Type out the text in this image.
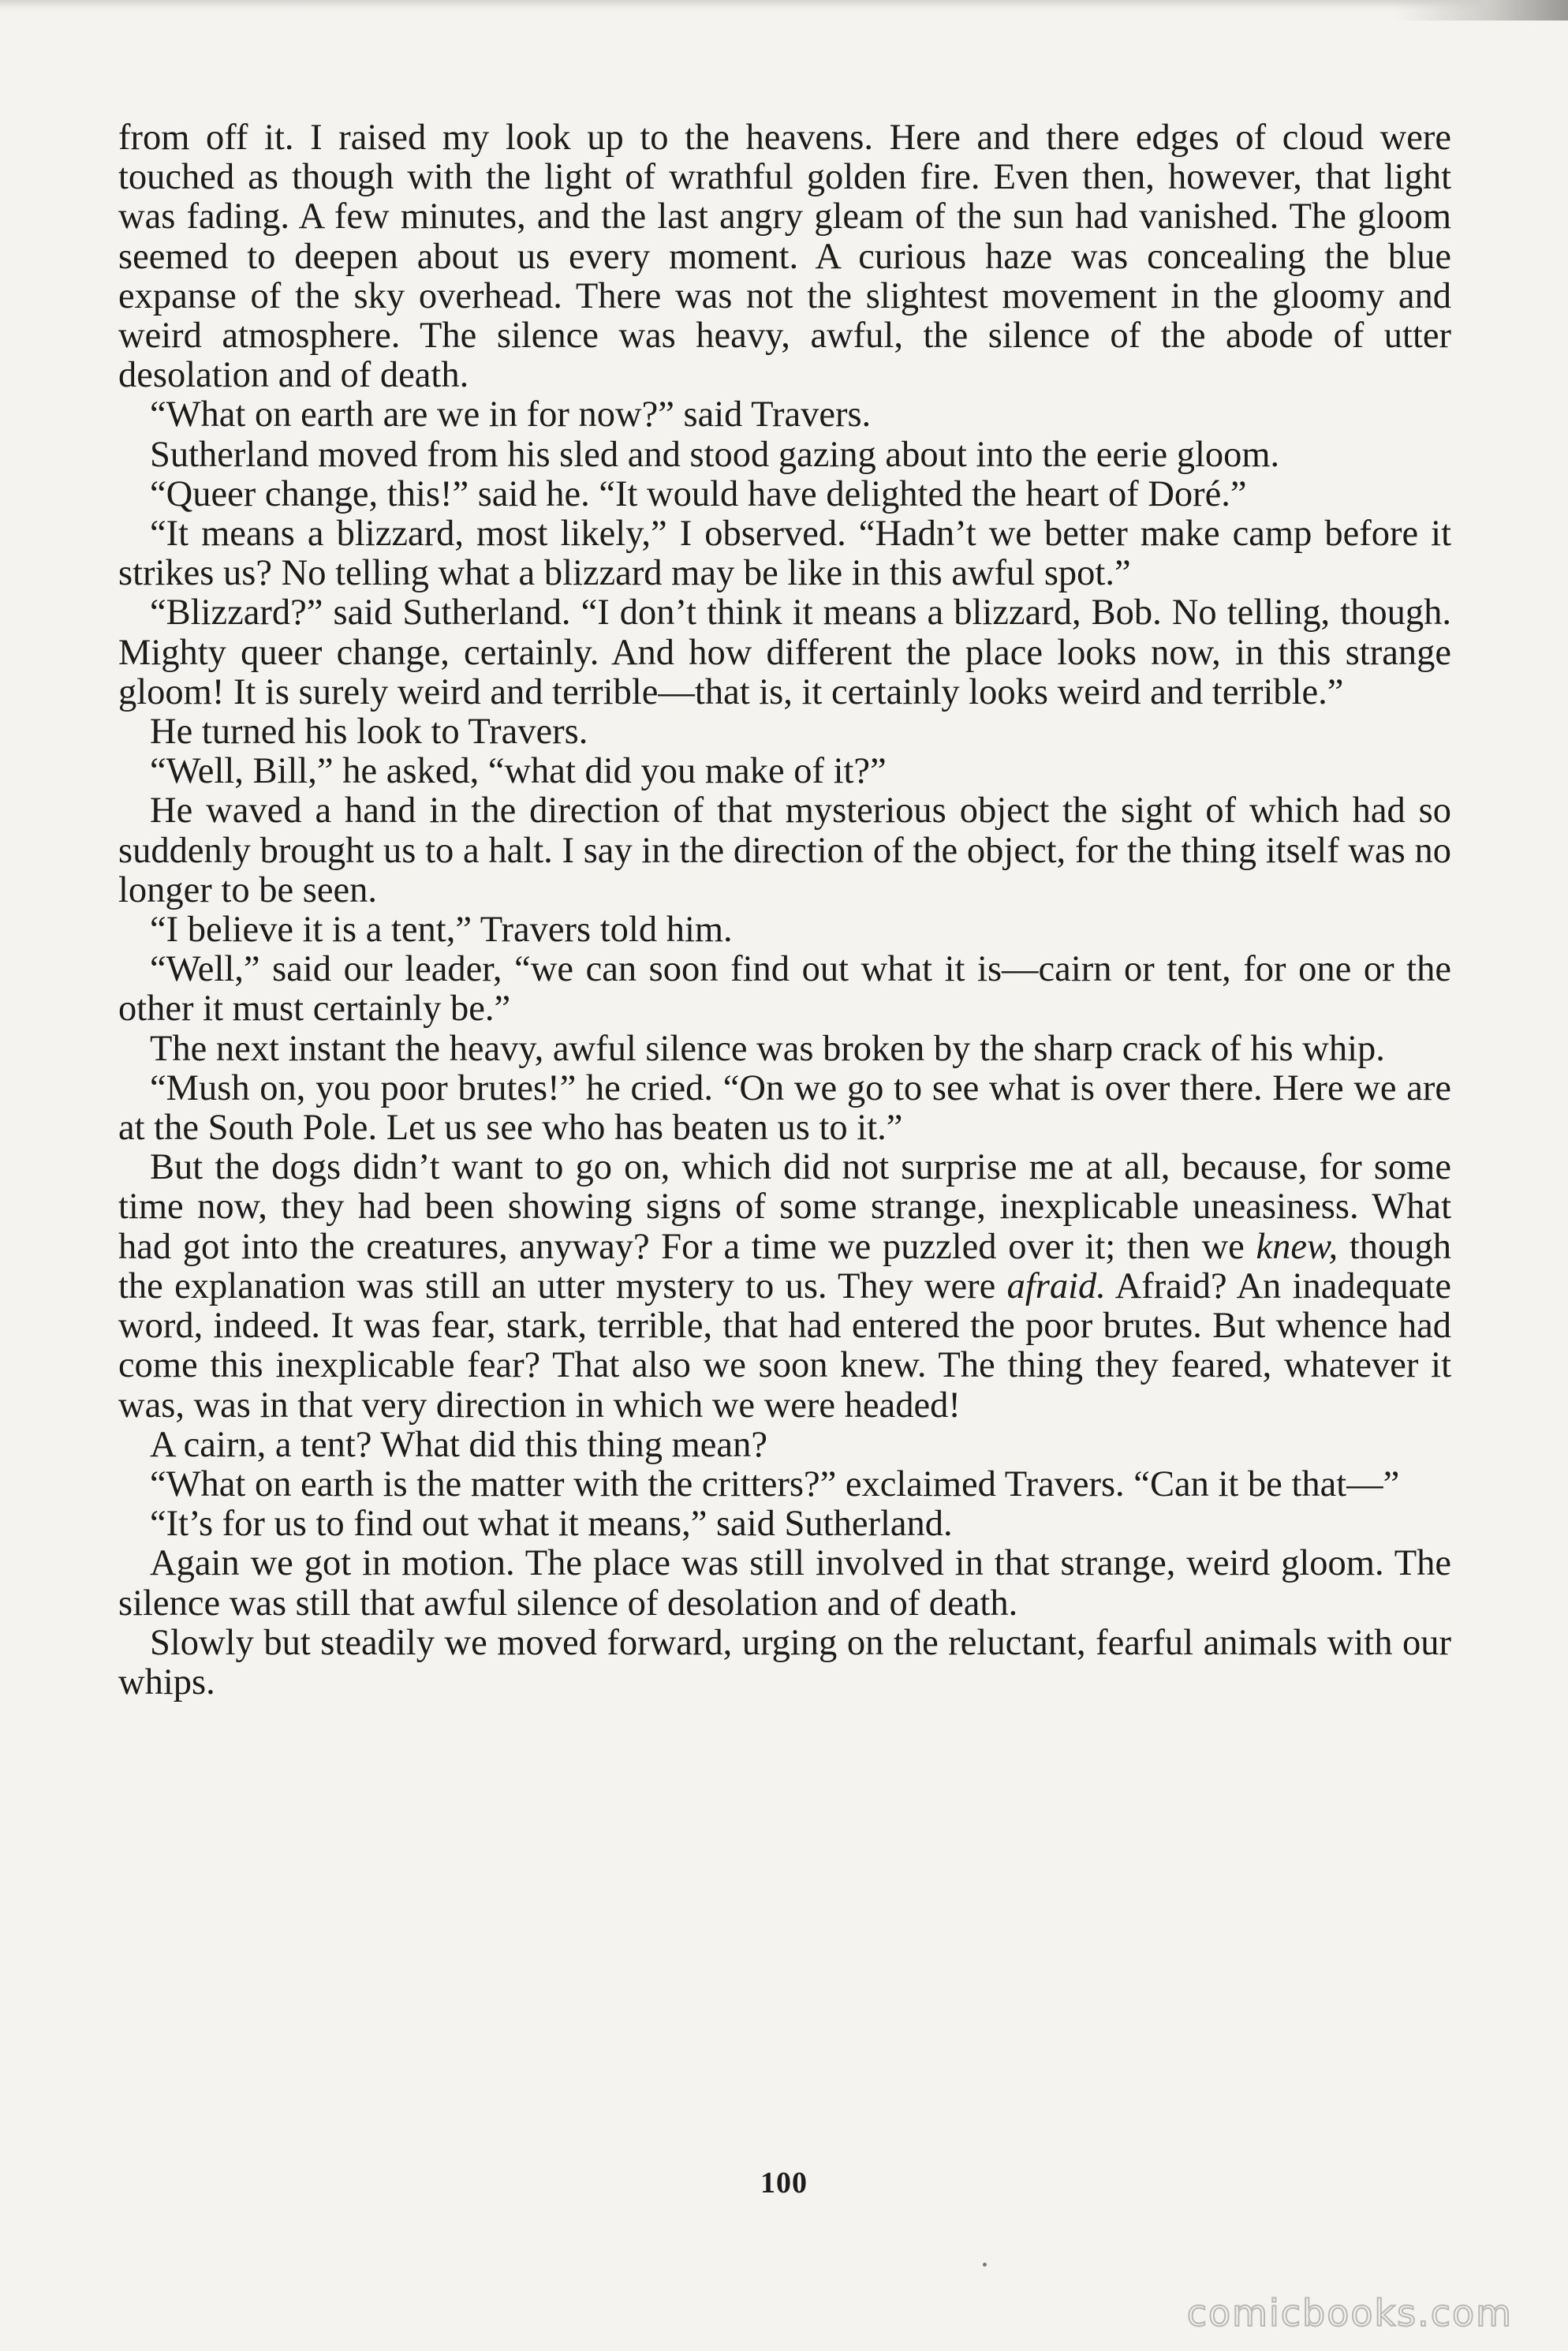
from off it. I raised my look up to the heavens. Here and there edges of cloud were touched as though with the light of wrathful golden fire. Even then, however, that light was fading. A few minutes, and the last angry gleam of the sun had vanished. The gloom seemed to deepen about us every moment. A curious haze was concealing the blue expanse of the sky overhead. There was not the slightest movement in the gloomy and weird atmosphere. The silence was heavy, awful, the silence of the abode of utter desolation and of death.

“What on earth are we in for now?” said Travers.

Sutherland moved from his sled and stood gazing about into the eerie gloom.

“Queer change, this!” said he. “It would have delighted the heart of Doré.”

“It means a blizzard, most likely,” I observed. “Hadn’t we better make camp before it strikes us? No telling what a blizzard may be like in this awful spot.”

“Blizzard?” said Sutherland. “I don’t think it means a blizzard, Bob. No telling, though. Mighty queer change, certainly. And how different the place looks now, in this strange gloom! It is surely weird and terrible—that is, it certainly looks weird and terrible.”

He turned his look to Travers.

“Well, Bill,” he asked, “what did you make of it?”

He waved a hand in the direction of that mysterious object the sight of which had so suddenly brought us to a halt. I say in the direction of the object, for the thing itself was no longer to be seen.

“I believe it is a tent,” Travers told him.

“Well,” said our leader, “we can soon find out what it is—cairn or tent, for one or the other it must certainly be.”

The next instant the heavy, awful silence was broken by the sharp crack of his whip.

“Mush on, you poor brutes!” he cried. “On we go to see what is over there. Here we are at the South Pole. Let us see who has beaten us to it.”

But the dogs didn’t want to go on, which did not surprise me at all, because, for some time now, they had been showing signs of some strange, inexplicable uneasiness. What had got into the creatures, anyway? For a time we puzzled over it; then we knew, though the explanation was still an utter mystery to us. They were afraid. Afraid? An inadequate word, indeed. It was fear, stark, terrible, that had entered the poor brutes. But whence had come this inexplicable fear? That also we soon knew. The thing they feared, whatever it was, was in that very direction in which we were headed!

A cairn, a tent? What did this thing mean?

“What on earth is the matter with the critters?” exclaimed Travers. “Can it be that—”

“It’s for us to find out what it means,” said Sutherland.

Again we got in motion. The place was still involved in that strange, weird gloom. The silence was still that awful silence of desolation and of death.

Slowly but steadily we moved forward, urging on the reluctant, fearful animals with our whips.

100
comicbooks.com
